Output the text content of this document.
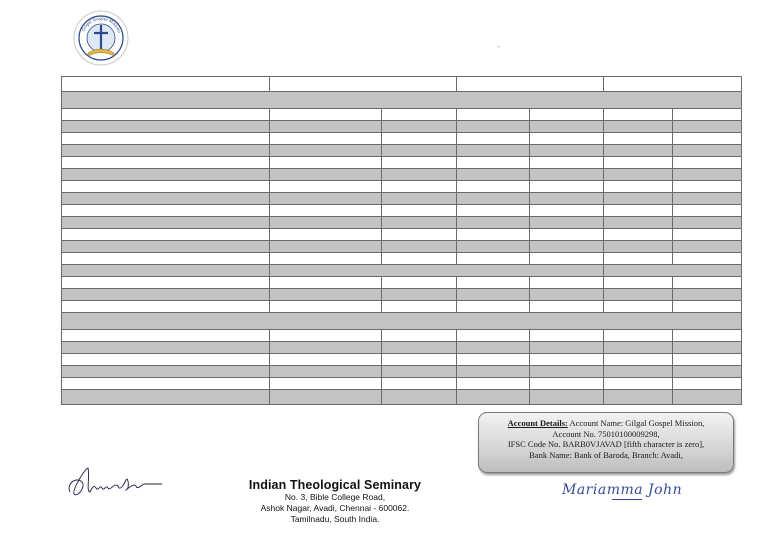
Gilgal Gospel Mission
-
Account Details: Account Name: Gilgal Gospel Mission,
Account No. 75010100009298,
IFSC Code No. BARB0VJAVAD [fifth character is zero],
Bank Name: Bank of Baroda, Branch: Avadi,
Indian Theological Seminary
No. 3, Bible College Road,
Ashok Nagar, Avadi, Chennai - 600062.
Tamilnadu, South India.
Mariamma John
